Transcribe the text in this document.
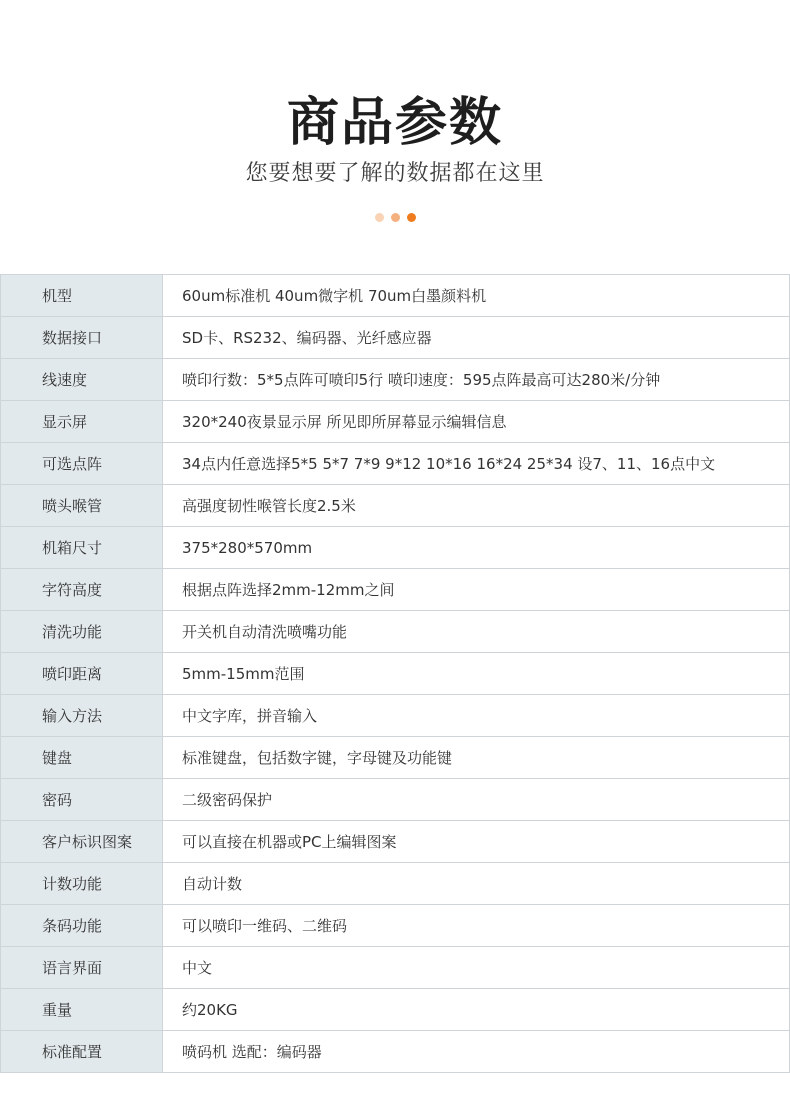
商品参数
您要想要了解的数据都在这里
机型	60um标准机 40um微字机 70um白墨颜料机
数据接口	SD卡、RS232、编码器、光纤感应器
线速度	喷印行数：5*5点阵可喷印5行 喷印速度：595点阵最高可达280米/分钟
显示屏	320*240夜景显示屏 所见即所屏幕显示编辑信息
可选点阵	34点内任意选择5*5 5*7 7*9 9*12 10*16 16*24 25*34 设7、11、16点中文
喷头喉管	高强度韧性喉管长度2.5米
机箱尺寸	375*280*570mm
字符高度	根据点阵选择2mm-12mm之间
清洗功能	开关机自动清洗喷嘴功能
喷印距离	5mm-15mm范围
输入方法	中文字库，拼音输入
键盘	标准键盘，包括数字键，字母键及功能键
密码	二级密码保护
客户标识图案	可以直接在机器或PC上编辑图案
计数功能	自动计数
条码功能	可以喷印一维码、二维码
语言界面	中文
重量	约20KG
标准配置	喷码机 选配：编码器
